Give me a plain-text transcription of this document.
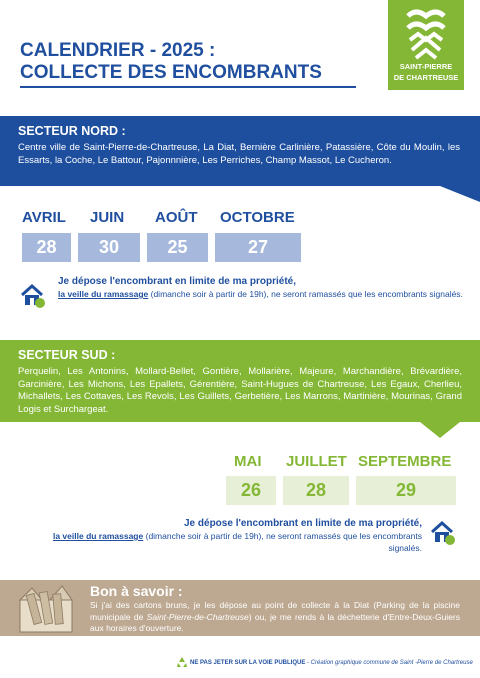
CALENDRIER - 2025 :
COLLECTE DES ENCOMBRANTS	SAINT-PIERRE
DE CHARTREUSE
SECTEUR NORD :
Centre ville de Saint-Pierre-de-Chartreuse, La Diat, Bernière Carlinière, Patassière, Côte du Moulin, les Essarts, la Coche, Le Battour, Pajonnnière, Les Perriches, Champ Massot, Le Cucheron.
AVRIL JUIN AOÛT OCTOBRE
28	30	25	27
Je dépose l'encombrant en limite de ma propriété,
la veille du ramassage (dimanche soir à partir de 19h), ne seront ramassés que les encombrants signalés.
SECTEUR SUD :
Perquelin, Les Antonins, Mollard-Bellet, Gontière, Mollarière, Majeure, Marchandière, Brévardière, Garcinière, Les Michons, Les Epallets, Gérentière, Saint-Hugues de Chartreuse, Les Egaux, Cherlieu, Michallets, Les Cottaves, Les Revols, Les Guillets, Gerbetière, Les Marrons, Martinière, Mourinas, Grand Logis et Surchargeat.
MAI JUILLET SEPTEMBRE
26	28	29
Je dépose l'encombrant en limite de ma propriété,
la veille du ramassage (dimanche soir à partir de 19h), ne seront ramassés que les encombrants signalés.
Bon à savoir :
Si j'ai des cartons bruns, je les dépose au point de collecte à la Diat (Parking de la piscine municipale de Saint-Pierre-de-Chartreuse) ou, je me rends à la déchetterie d'Entre-Deux-Guiers aux horaires d'ouverture.
NE PAS JETER SUR LA VOIE PUBLIQUE - Création graphique commune de Saint -Pierre de Chartreuse
